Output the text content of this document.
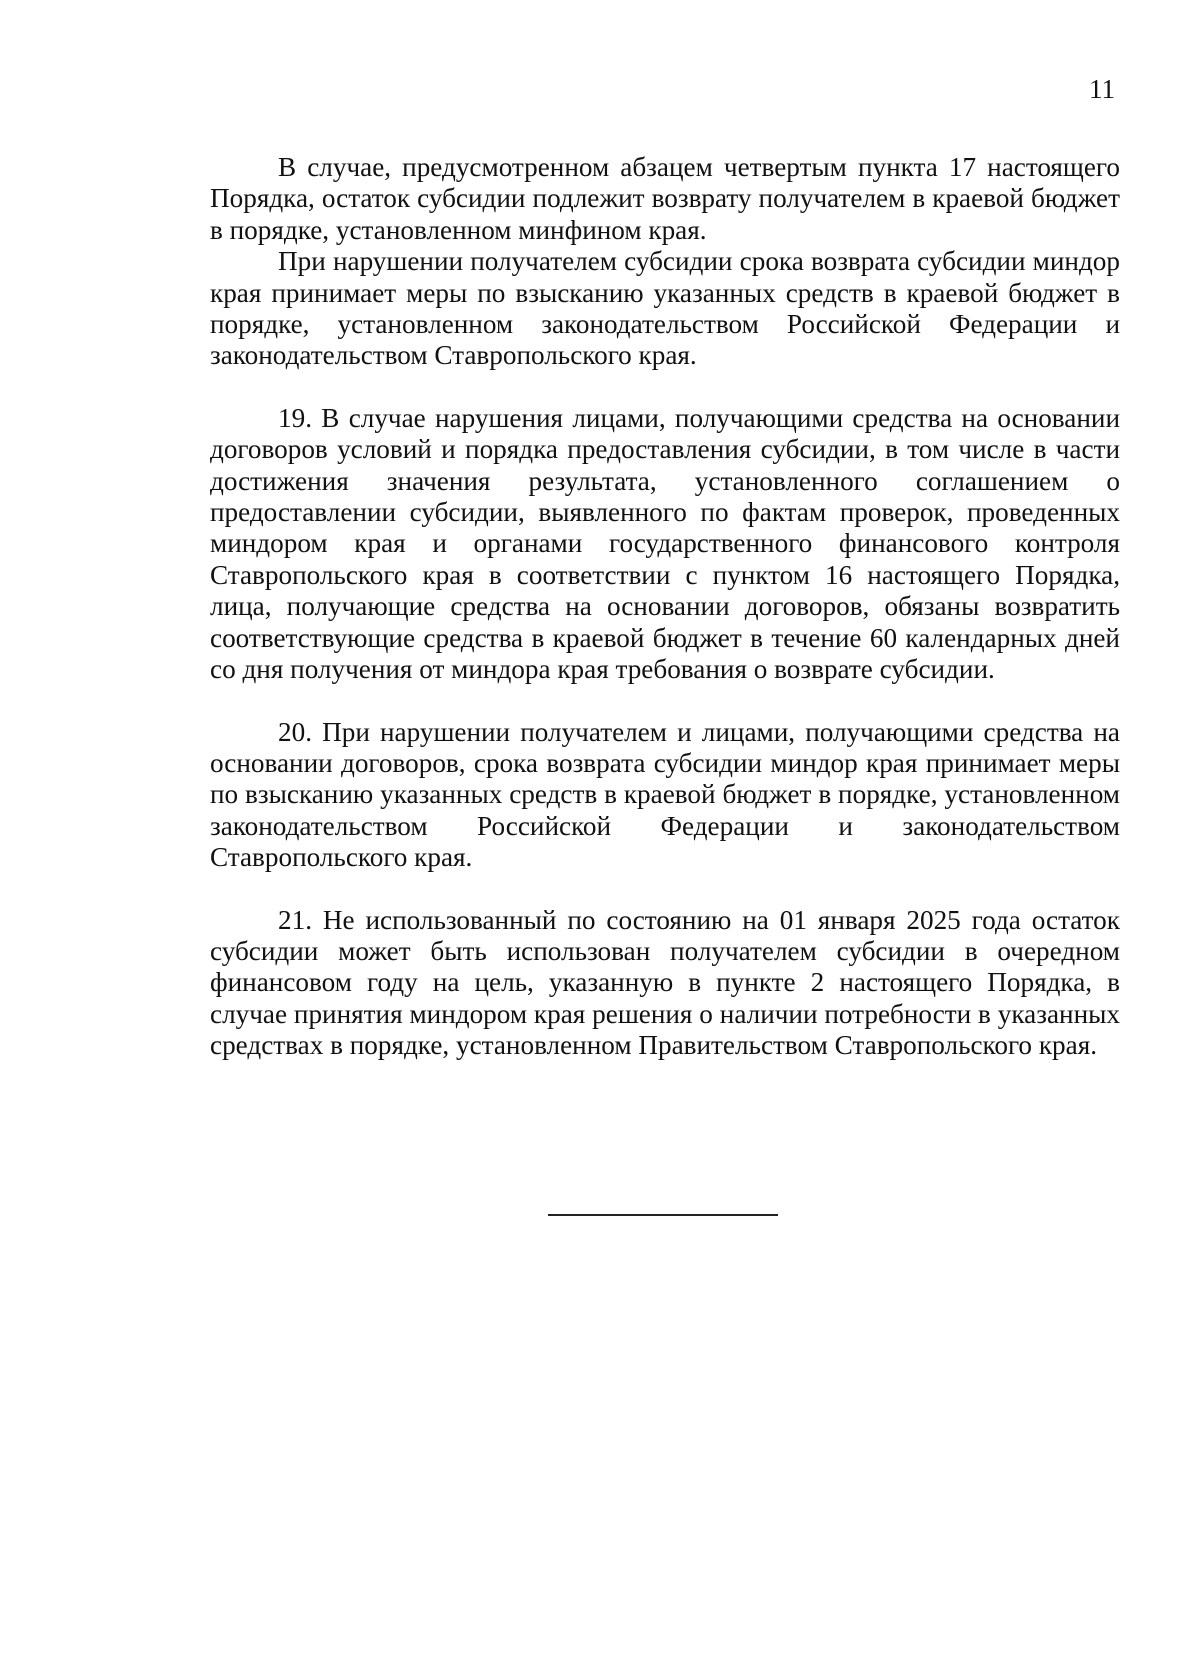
11

В случае, предусмотренном абзацем четвертым пункта 17 настоящего Порядка, остаток субсидии подлежит возврату получателем в краевой бюджет в порядке, установленном минфином края.

При нарушении получателем субсидии срока возврата субсидии миндор края принимает меры по взысканию указанных средств в краевой бюджет в порядке, установленном законодательством Российской Федерации и законодательством Ставропольского края.

19. В случае нарушения лицами, получающими средства на основании договоров условий и порядка предоставления субсидии, в том числе в части достижения значения результата, установленного соглашением о предоставлении субсидии, выявленного по фактам проверок, проведенных миндором края и органами государственного финансового контроля Ставропольского края в соответствии с пунктом 16 настоящего Порядка, лица, получающие средства на основании договоров, обязаны возвратить соответствующие средства в краевой бюджет в течение 60 календарных дней со дня получения от миндора края требования о возврате субсидии.

20. При нарушении получателем и лицами, получающими средства на основании договоров, срока возврата субсидии миндор края принимает меры по взысканию указанных средств в краевой бюджет в порядке, установленном законодательством Российской Федерации и законодательством Ставропольского края.

21. Не использованный по состоянию на 01 января 2025 года остаток субсидии может быть использован получателем субсидии в очередном финансовом году на цель, указанную в пункте 2 настоящего Порядка, в случае принятия миндором края решения о наличии потребности в указанных средствах в порядке, установленном Правительством Ставропольского края.
